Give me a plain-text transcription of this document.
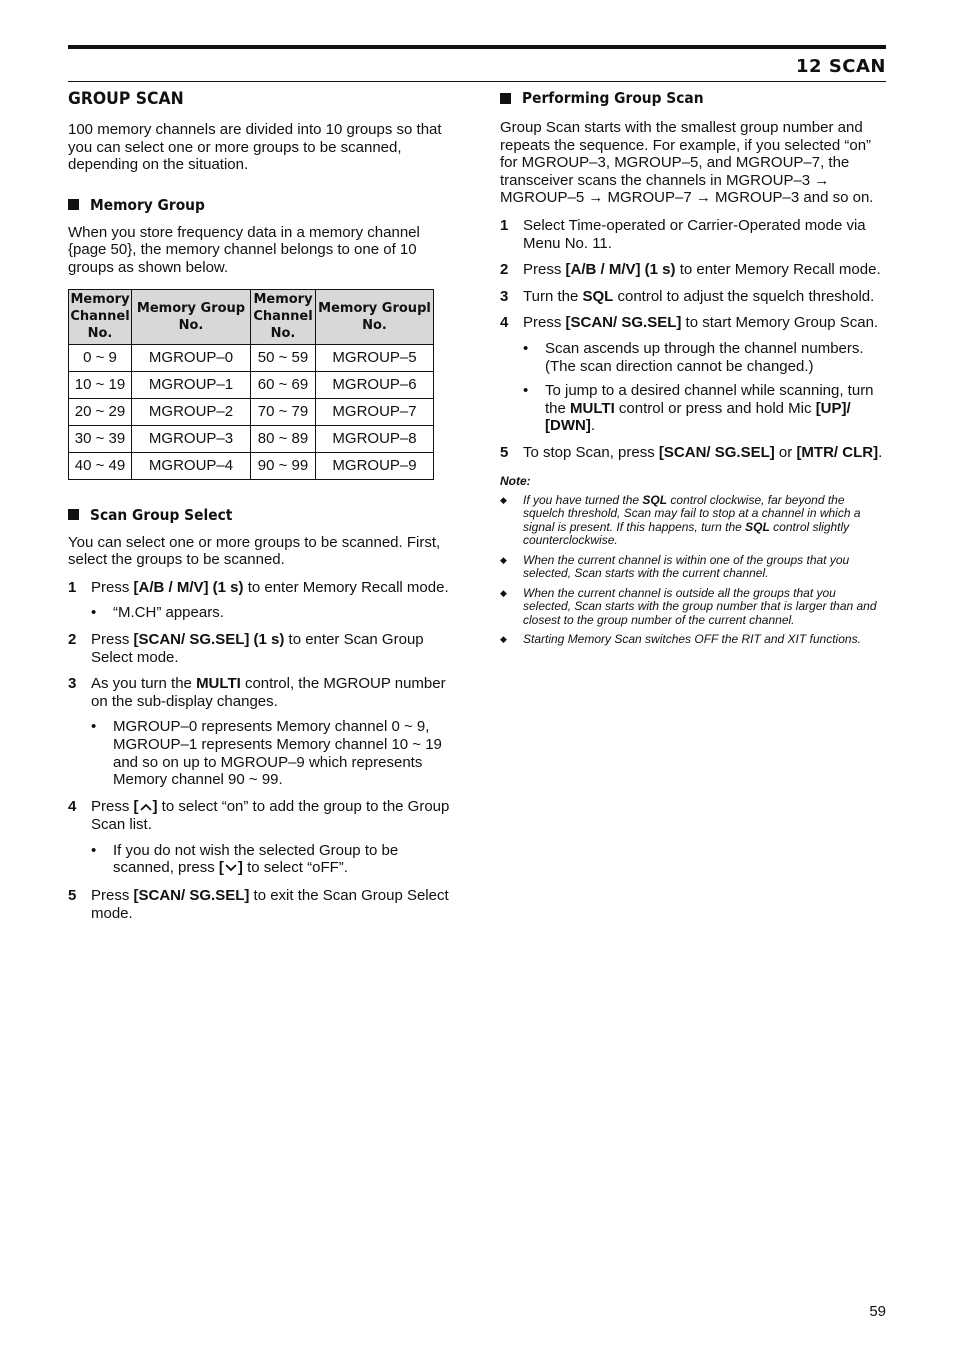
12 SCAN
GROUP SCAN

100 memory channels are divided into 10 groups so that you can select one or more groups to be scanned, depending on the situation.

Memory Group

When you store frequency data in a memory channel {page 50}, the memory channel belongs to one of 10 groups as shown below.

Memory Channel No.	Memory Group No.	Memory Channel No.	Memory Groupl No.
0 ~ 9	MGROUP–0	50 ~ 59	MGROUP–5
10 ~ 19	MGROUP–1	60 ~ 69	MGROUP–6
20 ~ 29	MGROUP–2	70 ~ 79	MGROUP–7
30 ~ 39	MGROUP–3	80 ~ 89	MGROUP–8
40 ~ 49	MGROUP–4	90 ~ 99	MGROUP–9
Scan Group Select

You can select one or more groups to be scanned. First, select the groups to be scanned.

1 Press [A/B / M/V] (1 s) to enter Memory Recall mode.
• “M.CH” appears.
2 Press [SCAN/ SG.SEL] (1 s) to enter Scan Group Select mode.
3 As you turn the MULTI control, the MGROUP number on the sub-display changes.
• MGROUP–0 represents Memory channel 0 ~ 9, MGROUP–1 represents Memory channel 10 ~ 19 and so on up to MGROUP–9 which represents Memory channel 90 ~ 99.
4 Press [ ] to select “on” to add the group to the Group Scan list.
• If you do not wish the selected Group to be scanned, press [ ] to select “oFF”.
5 Press [SCAN/ SG.SEL] to exit the Scan Group Select mode.
Performing Group Scan

Group Scan starts with the smallest group number and repeats the sequence. For example, if you selected “on” for MGROUP–3, MGROUP–5, and MGROUP–7, the transceiver scans the channels in MGROUP–3 → MGROUP–5 → MGROUP–7 → MGROUP–3 and so on.

1 Select Time-operated or Carrier-Operated mode via Menu No. 11.
2 Press [A/B / M/V] (1 s) to enter Memory Recall mode.
3 Turn the SQL control to adjust the squelch threshold.
4 Press [SCAN/ SG.SEL] to start Memory Group Scan.
• Scan ascends up through the channel numbers. (The scan direction cannot be changed.)
• To jump to a desired channel while scanning, turn the MULTI control or press and hold Mic [UP]/ [DWN].
5 To stop Scan, press [SCAN/ SG.SEL] or [MTR/ CLR].
Note:
◆ If you have turned the SQL control clockwise, far beyond the squelch threshold, Scan may fail to stop at a channel in which a signal is present. If this happens, turn the SQL control slightly counterclockwise.
◆ When the current channel is within one of the groups that you selected, Scan starts with the current channel.
◆ When the current channel is outside all the groups that you selected, Scan starts with the group number that is larger than and closest to the group number of the current channel.
◆ Starting Memory Scan switches OFF the RIT and XIT functions.
59
